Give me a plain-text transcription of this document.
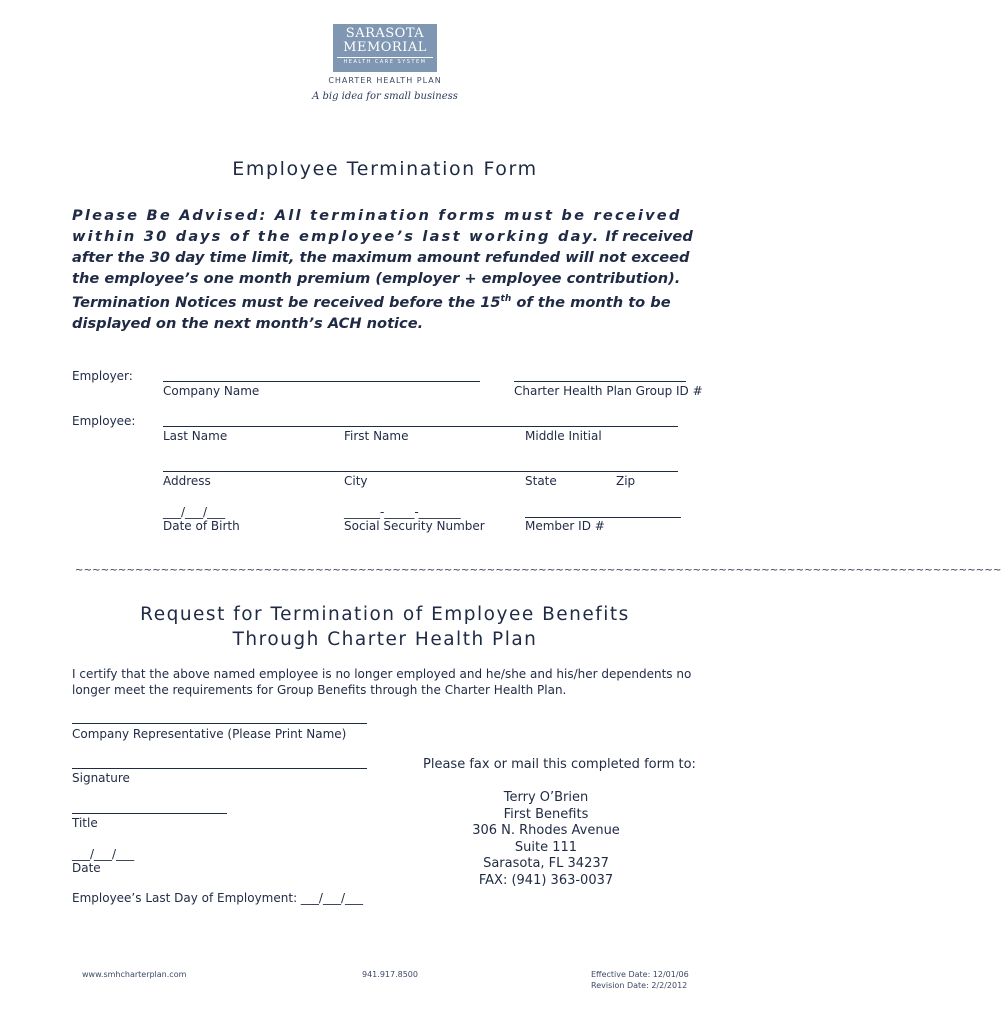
SARASOTA
MEMORIAL
HEALTH CARE SYSTEM
CHARTER HEALTH PLAN
A big idea for small business
Employee Termination Form
Please Be Advised: All termination forms must be received within 30 days of the employee’s last working day. If received after the 30 day time limit, the maximum amount refunded will not exceed the employee’s one month premium (employer + employee contribution). Termination Notices must be received before the 15th of the month to be displayed on the next month’s ACH notice.
Employer:
Company Name	Charter Health Plan Group ID #
Employee:
Last Name	First Name	Middle Initial
Address	City	State	Zip
___/___/___	______-_____-_______
Date of Birth	Social Security Number	Member ID #
~~~~~~~~~~~~~~~~~~~~~~~~~~~~~~~~~~~~~~~~~~~~~~~~~~~~~~~~~~~~~~~~~~~~~~~~~~~~~~~~~~~~~~~~~~~~~~~~~~~~~~~~~~~~
Request for Termination of Employee Benefits
Through Charter Health Plan
I certify that the above named employee is no longer employed and he/she and his/her dependents no longer meet the requirements for Group Benefits through the Charter Health Plan.
Company Representative (Please Print Name)
Signature
Title
___/___/___
Date
Employee’s Last Day of Employment: ___/___/___
Please fax or mail this completed form to:
Terry O’Brien
First Benefits
306 N. Rhodes Avenue
Suite 111
Sarasota, FL 34237
FAX: (941) 363-0037
www.smhcharterplan.com	941.917.8500	Effective Date: 12/01/06
Revision Date: 2/2/2012
